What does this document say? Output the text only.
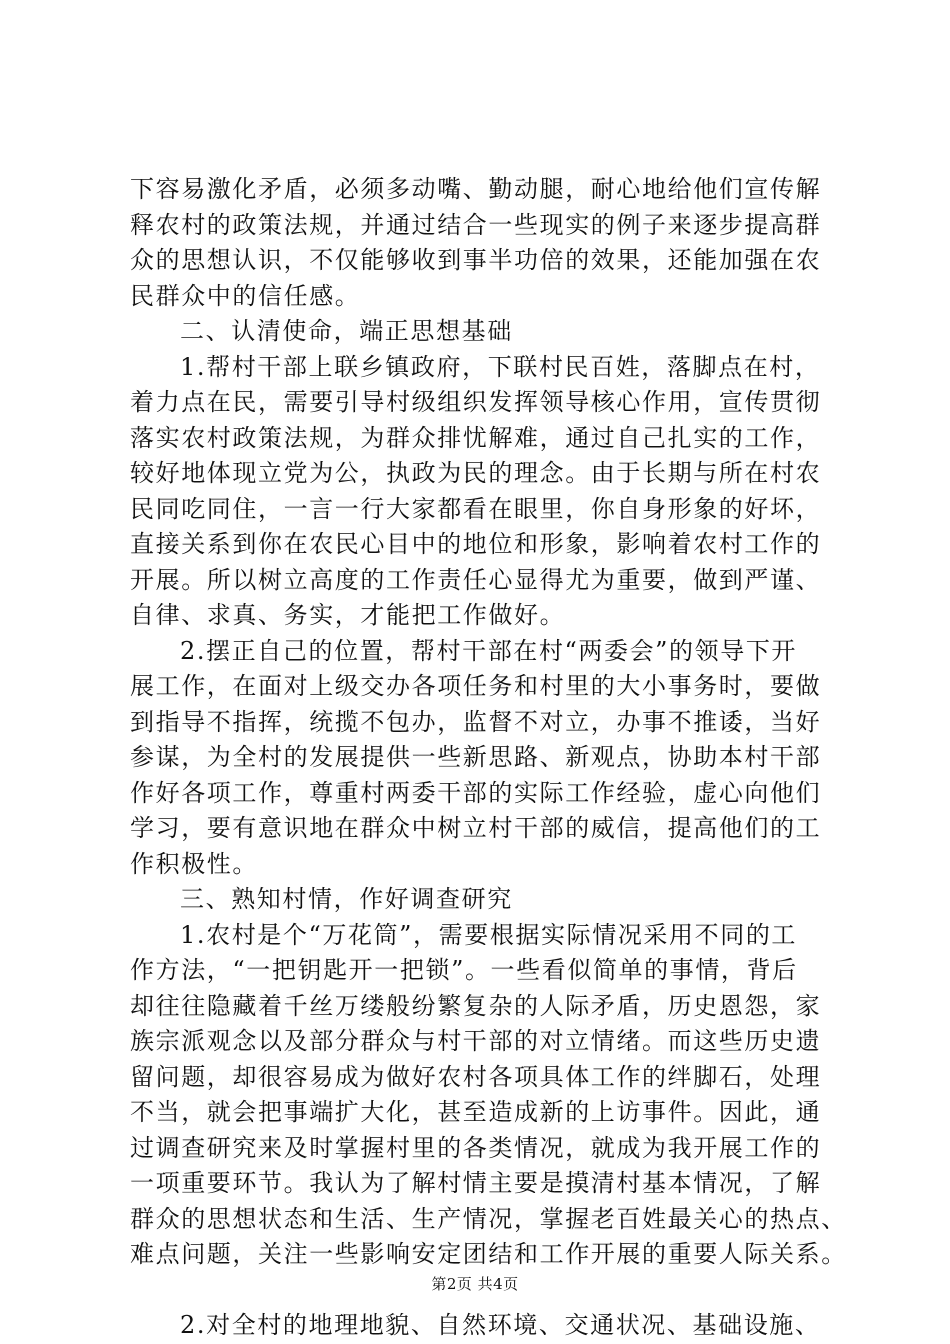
下容易激化矛盾，必须多动嘴、勤动腿，耐心地给他们宣传解
释农村的政策法规，并通过结合一些现实的例子来逐步提高群
众的思想认识，不仅能够收到事半功倍的效果，还能加强在农
民群众中的信任感。
二、认清使命，端正思想基础
1.帮村干部上联乡镇政府，下联村民百姓，落脚点在村，
着力点在民，需要引导村级组织发挥领导核心作用，宣传贯彻
落实农村政策法规，为群众排忧解难，通过自己扎实的工作，
较好地体现立党为公，执政为民的理念。由于长期与所在村农
民同吃同住，一言一行大家都看在眼里，你自身形象的好坏，
直接关系到你在农民心目中的地位和形象，影响着农村工作的
开展。所以树立高度的工作责任心显得尤为重要，做到严谨、
自律、求真、务实，才能把工作做好。
2.摆正自己的位置，帮村干部在村“两委会”的领导下开
展工作，在面对上级交办各项任务和村里的大小事务时，要做
到指导不指挥，统揽不包办，监督不对立，办事不推诿，当好
参谋，为全村的发展提供一些新思路、新观点，协助本村干部
作好各项工作，尊重村两委干部的实际工作经验，虚心向他们
学习，要有意识地在群众中树立村干部的威信，提高他们的工
作积极性。
三、熟知村情，作好调查研究
1.农村是个“万花筒”，需要根据实际情况采用不同的工
作方法，“一把钥匙开一把锁”。一些看似简单的事情，背后
却往往隐藏着千丝万缕般纷繁复杂的人际矛盾，历史恩怨，家
族宗派观念以及部分群众与村干部的对立情绪。而这些历史遗
留问题，却很容易成为做好农村各项具体工作的绊脚石，处理
不当，就会把事端扩大化，甚至造成新的上访事件。因此，通
过调查研究来及时掌握村里的各类情况，就成为我开展工作的
一项重要环节。我认为了解村情主要是摸清村基本情况，了解
群众的思想状态和生活、生产情况，掌握老百姓最关心的热点、
难点问题，关注一些影响安定团结和工作开展的重要人际关系。
2.对全村的地理地貌、自然环境、交通状况、基础设施、
第2页 共4页
